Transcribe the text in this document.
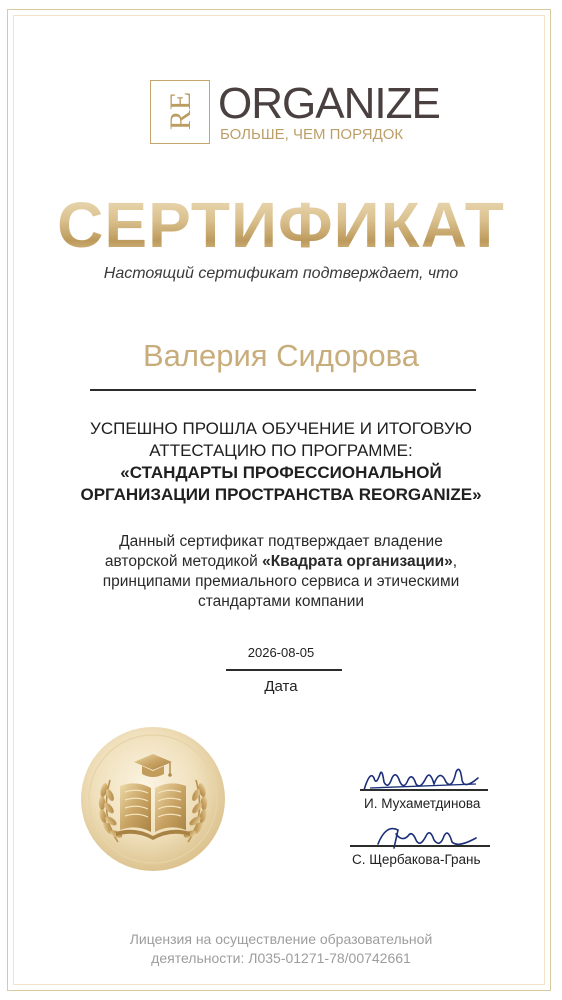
RE ORGANIZE
БОЛЬШЕ, ЧЕМ ПОРЯДОК
СЕРТИФИКАТ
Настоящий сертификат подтверждает, что
Валерия Сидорова
УСПЕШНО ПРОШЛА ОБУЧЕНИЕ И ИТОГОВУЮ
АТТЕСТАЦИЮ ПО ПРОГРАММЕ:
«СТАНДАРТЫ ПРОФЕССИОНАЛЬНОЙ
ОРГАНИЗАЦИИ ПРОСТРАНСТВА REORGANIZE»
Данный сертификат подтверждает владение
авторской методикой «Квадрата организации»,
принципами премиального сервиса и этическими
стандартами компании
2026-08-05
Дата
И. Мухаметдинова
С. Щербакова-Грань
Лицензия на осуществление образовательной
деятельности: Л035-01271-78/00742661
